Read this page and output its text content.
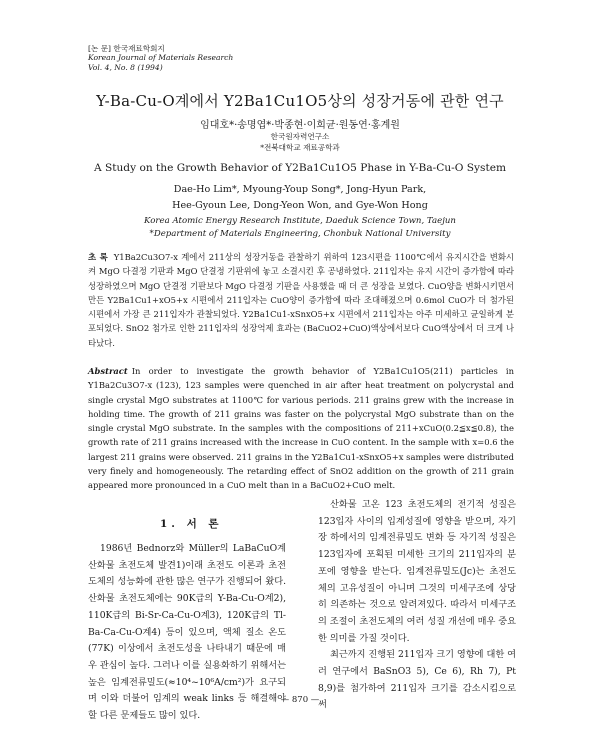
[논 문] 한국재료학회지
Korean Journal of Materials Research
Vol. 4, No. 8 (1994)
Y-Ba-Cu-O계에서 Y2Ba1Cu1O5상의 성장거동에 관한 연구
임대호*·송명엽*·박종현·이희균·원동연·홍계원
한국원자력연구소
*전북대학교 재료공학과
A Study on the Growth Behavior of Y2Ba1Cu1O5 Phase in Y-Ba-Cu-O System
Dae-Ho Lim*, Myoung-Youp Song*, Jong-Hyun Park,
Hee-Gyoun Lee, Dong-Yeon Won, and Gye-Won Hong
Korea Atomic Energy Research Institute, Daeduk Science Town, Taejun
*Department of Materials Engineering, Chonbuk National University
초 록 Y1Ba2Cu3O7-x 계에서 211상의 성장거동을 관찰하기 위하여 123시편을 1100℃에서 유지시간을 변화시켜 MgO 다결정 기판과 MgO 단결정 기판위에 놓고 소결시킨 후 공냉하였다. 211입자는 유지 시간이 증가함에 따라 성장하였으며 MgO 단결정 기판보다 MgO 다결정 기판을 사용했을 때 더 큰 성장을 보였다. CuO양을 변화시키면서 만든 Y2Ba1Cu1+xO5+x 시편에서 211입자는 CuO양이 증가함에 따라 조대해졌으며 0.6mol CuO가 더 첨가된 시편에서 가장 큰 211입자가 관찰되었다. Y2Ba1Cu1-xSnxO5+x 시편에서 211입자는 아주 미세하고 균일하게 분포되었다. SnO2 첨가로 인한 211입자의 성장억제 효과는 (BaCuO2+CuO)액상에서보다 CuO액상에서 더 크게 나타났다.
Abstract In order to investigate the growth behavior of Y2Ba1Cu1O5(211) particles in Y1Ba2Cu3O7-x (123), 123 samples were quenched in air after heat treatment on polycrystal and single crystal MgO substrates at 1100℃ for various periods. 211 grains grew with the increase in holding time. The growth of 211 grains was faster on the polycrystal MgO substrate than on the single crystal MgO substrate. In the samples with the compositions of 211+xCuO(0.2≦x≦0.8), the growth rate of 211 grains increased with the increase in CuO content. In the sample with x=0.6 the largest 211 grains were observed. 211 grains in the Y2Ba1Cu1-xSnxO5+x samples were distributed very finely and homogeneously. The retarding effect of SnO2 addition on the growth of 211 grain appeared more pronounced in a CuO melt than in a BaCuO2+CuO melt.
1. 서 론

1986년 Bednorz와 Müller의 LaBaCuO계 산화물 초전도체 발견1)이래 초전도 이론과 초전도체의 성능화에 관한 많은 연구가 진행되어 왔다. 산화물 초전도체에는 90K급의 Y-Ba-Cu-O계2), 110K급의 Bi-Sr-Ca-Cu-O계3), 120K급의 Tl-Ba-Ca-Cu-O계4) 등이 있으며, 액체 질소 온도(77K) 이상에서 초전도성을 나타내기 때문에 매우 관심이 높다. 그러나 이를 실용화하기 위해서는 높은 임계전류밀도(≈10⁴~10⁶A/cm²)가 요구되며 이와 더불어 임계의 weak links 등 해결해야 할 다른 문제들도 많이 있다.

산화물 고온 123 초전도체의 전기적 성질은 123입자 사이의 입계성질에 영향을 받으며, 자기장 하에서의 임계전류밀도 변화 등 자기적 성질은 123입자에 포획된 미세한 크기의 211입자의 분포에 영향을 받는다. 임계전류밀도(Jc)는 초전도체의 고유성질이 아니며 그것의 미세구조에 상당히 의존하는 것으로 알려져있다. 따라서 미세구조의 조절이 초전도체의 여러 성질 개선에 매우 중요한 의미를 가질 것이다.

최근까지 진행된 211입자 크기 영향에 대한 여러 연구에서 BaSnO3 5), Ce 6), Rh 7), Pt 8,9)를 첨가하여 211입자 크기를 감소시킴으로써

— 870 —
